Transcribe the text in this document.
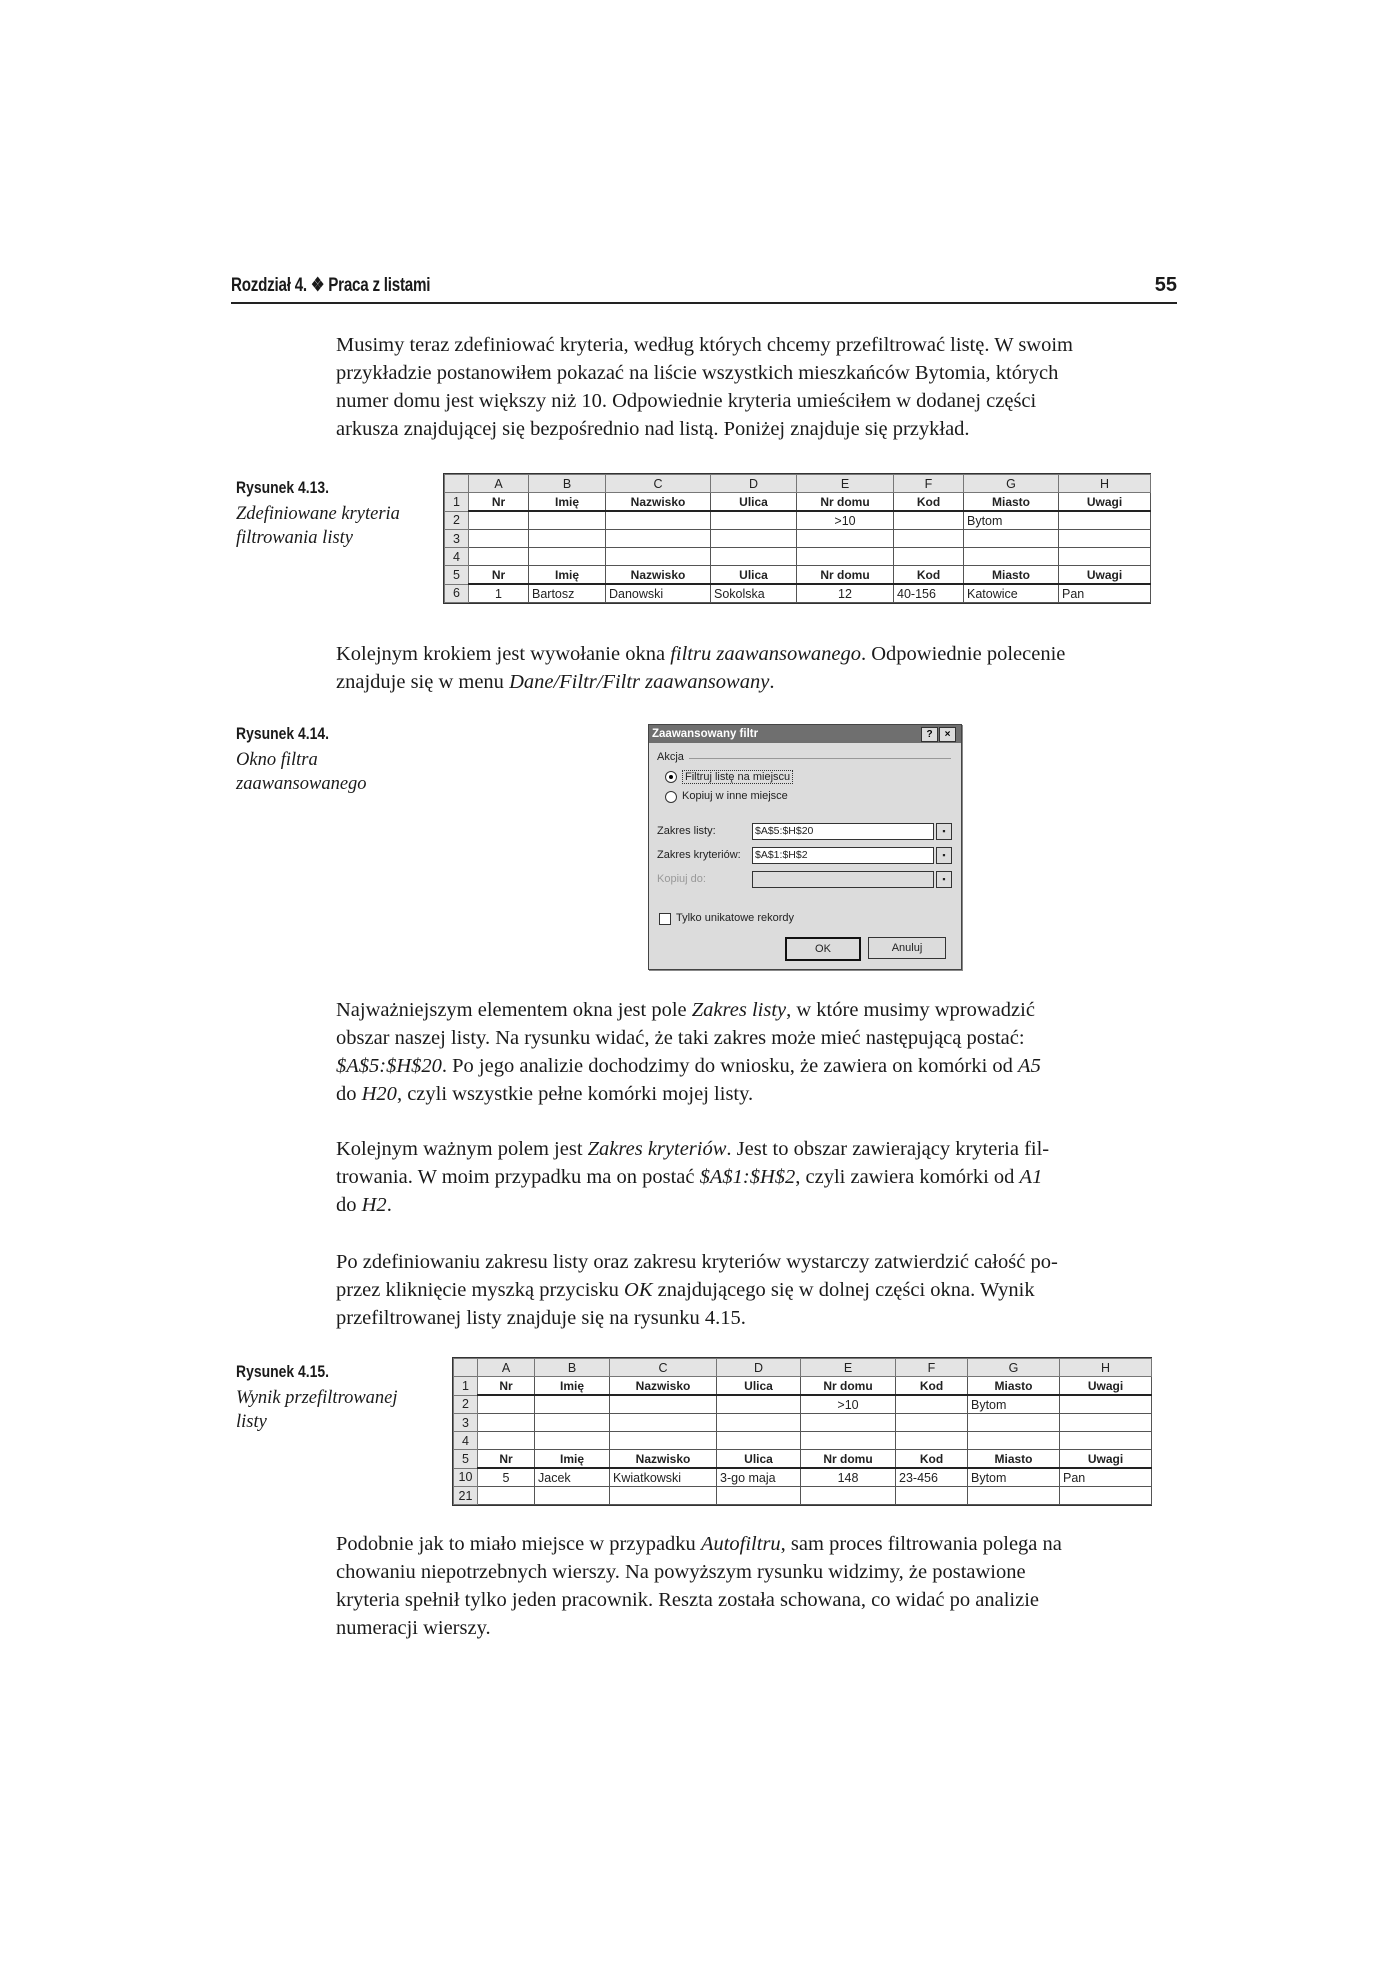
Rozdział 4. ❖ Praca z listami	55
Musimy teraz zdefiniować kryteria, według których chcemy przefiltrować listę. W swoim
przykładzie postanowiłem pokazać na liście wszystkich mieszkańców Bytomia, których
numer domu jest większy niż 10. Odpowiednie kryteria umieściłem w dodanej części
arkusza znajdującej się bezpośrednio nad listą. Poniżej znajduje się przykład.
Rysunek 4.13.
Zdefiniowane kryteria filtrowania listy
	A	B	C	D	E	F	G	H
1	Nr	Imię	Nazwisko	Ulica	Nr domu	Kod	Miasto	Uwagi
2					>10		Bytom	
3								
4								
5	Nr	Imię	Nazwisko	Ulica	Nr domu	Kod	Miasto	Uwagi
6	1	Bartosz	Danowski	Sokolska	12	40-156	Katowice	Pan
Kolejnym krokiem jest wywołanie okna filtru zaawansowanego. Odpowiednie polecenie
znajduje się w menu Dane/Filtr/Filtr zaawansowany.
Rysunek 4.14.
Okno filtra zaawansowanego
Zaawansowany filtr	?	×
Akcja
Filtruj listę na miejscu
Kopiuj w inne miejsce
Zakres listy:	$A$5:$H$20	▪
Zakres kryteriów: $A$1:$H$2	▪
Kopiuj do:	▪
Tylko unikatowe rekordy
OK	Anuluj
Najważniejszym elementem okna jest pole Zakres listy, w które musimy wprowadzić
obszar naszej listy. Na rysunku widać, że taki zakres może mieć następującą postać:
$A$5:$H$20. Po jego analizie dochodzimy do wniosku, że zawiera on komórki od A5
do H20, czyli wszystkie pełne komórki mojej listy.
Kolejnym ważnym polem jest Zakres kryteriów. Jest to obszar zawierający kryteria fil-
trowania. W moim przypadku ma on postać $A$1:$H$2, czyli zawiera komórki od A1
do H2.
Po zdefiniowaniu zakresu listy oraz zakresu kryteriów wystarczy zatwierdzić całość po-
przez kliknięcie myszką przycisku OK znajdującego się w dolnej części okna. Wynik
przefiltrowanej listy znajduje się na rysunku 4.15.
Rysunek 4.15.
Wynik przefiltrowanej listy
	A	B	C	D	E	F	G	H
1	Nr	Imię	Nazwisko	Ulica	Nr domu	Kod	Miasto	Uwagi
2					>10		Bytom	
3								
4								
5	Nr	Imię	Nazwisko	Ulica	Nr domu	Kod	Miasto	Uwagi
10	5	Jacek	Kwiatkowski	3-go maja	148	23-456	Bytom	Pan
21								
Podobnie jak to miało miejsce w przypadku Autofiltru, sam proces filtrowania polega na
chowaniu niepotrzebnych wierszy. Na powyższym rysunku widzimy, że postawione
kryteria spełnił tylko jeden pracownik. Reszta została schowana, co widać po analizie
numeracji wierszy.
